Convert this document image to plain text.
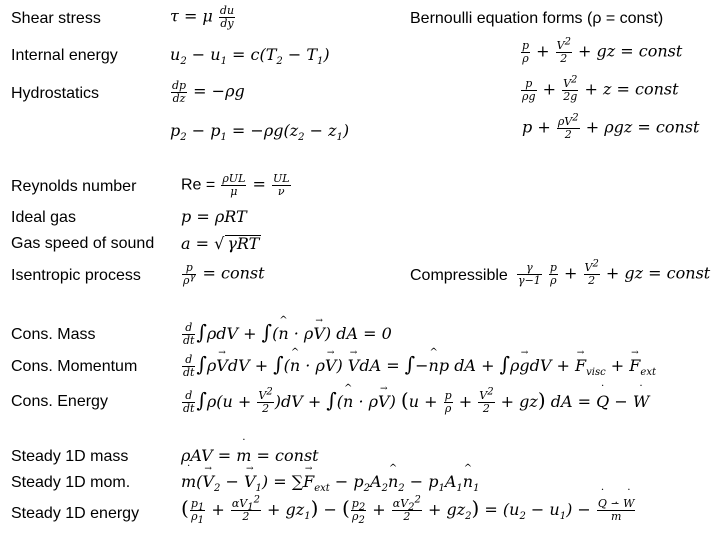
Shear stress
Internal energy
Hydrostatics
Reynolds number
Ideal gas
Gas speed of sound
Isentropic process
Cons. Mass
Cons. Momentum
Cons. Energy
Steady 1D mass
Steady 1D mom.
Steady 1D energy
Bernoulli equation forms (ρ = const)
Compressible
τ = μ $\frac{du}{dy}$
$u_2 - u_1 = c(T_2 - T_1)$
$\frac{dp}{dz} = -\rho g$
$p_2 - p_1 = -\rho g(z_2 - z_1)$
$\frac{p}{\rho} + \frac{V^2}{2}$ + gz = const
$\frac{p}{\rho g} + \frac{V^2}{2g} + z$ = const
$p + \frac{\rho V^2}{2} + \rho gz$ = const
$Re = \frac{\text{ρUL}}{\mu} = \frac{UL}{\nu}$
p = ρRT
a = √ γRT
$\frac{p}{\rho^\gamma}$ = const	$\frac{\gamma}{\gamma-1}$
$\frac{p}{\rho} + \frac{V^2}{2}$ + gz = const
$\frac{d}{dt} \int\rho dV$ + ∫(^ n · ρ→ V) dA = 0
$\frac{d}{dt} \int\rho\to$ VdV + ∫(^ n · ρ→ V) → VdA = ∫−^ np dA + ∫ρ→ gdV + → $F_{visc}$ + → $F_{ext}$
$\frac{d}{dt} \int\rho(u + \frac{V^2}{2} )dV$ + ∫(^ n · ρ→ V) $(u + \frac{p}{\rho} + \frac{V^2}{2} + gz)$ dA = ˙ Q − ˙ W
ρAV = ˙ m = const
˙ $m(\to V_2$ − → $V_1$) = ∑→ $F_{ext}$ − $p_2A_2\^{}$ $n_2$ − $p_1A_1\^{}$ $n_1$
( $\frac{p_1}{\rho_1} + \frac{\alpha V_1^2}{2} + gz_1$) − ( $\frac{p_2}{\rho_2} + \frac{\alpha V_2^2}{2} + gz_2) = (u_2 - u_1)$ −
˙ Q − ˙ W
˙ m
